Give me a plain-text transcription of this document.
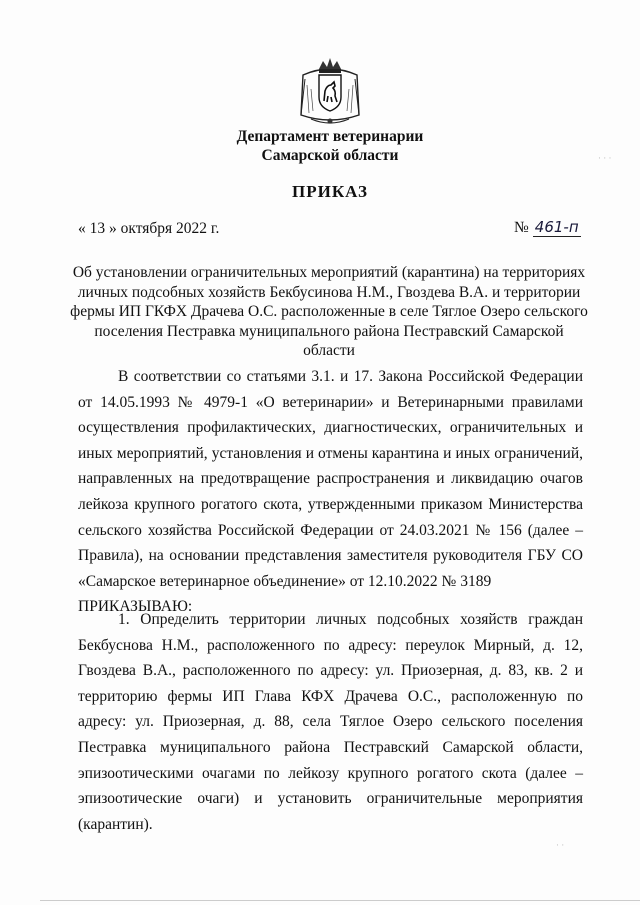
Департамент ветеринарии
Самарской области
ПРИКАЗ
« 13 » октября 2022 г.	№ 461-п
Об установлении ограничительных мероприятий (карантина) на территориях личных подсобных хозяйств Бекбусинова Н.М., Гвоздева В.А. и территории фермы ИП ГКФХ Драчева О.С. расположенные в селе Тяглое Озеро сельского поселения Пестравка муниципального района Пестравский Самарской области
В соответствии со статьями 3.1. и 17. Закона Российской Федерации от 14.05.1993 № 4979-1 «О ветеринарии» и Ветеринарными правилами осуществления профилактических, диагностических, ограничительных и иных мероприятий, установления и отмены карантина и иных ограничений, направленных на предотвращение распространения и ликвидацию очагов лейкоза крупного рогатого скота, утвержденными приказом Министерства сельского хозяйства Российской Федерации от 24.03.2021 № 156 (далее – Правила), на основании представления заместителя руководителя ГБУ СО «Самарское ветеринарное объединение» от 12.10.2022 № 3189
ПРИКАЗЫВАЮ:
1. Определить территории личных подсобных хозяйств граждан Бекбуснова Н.М., расположенного по адресу: переулок Мирный, д. 12, Гвоздева В.А., расположенного по адресу: ул. Приозерная, д. 83, кв. 2 и территорию фермы ИП Глава КФХ Драчева О.С., расположенную по адресу: ул. Приозерная, д. 88, села Тяглое Озеро сельского поселения Пестравка муниципального района Пестравский Самарской области, эпизоотическими очагами по лейкозу крупного рогатого скота (далее – эпизоотические очаги) и установить ограничительные мероприятия (карантин).
· · ·
· ·
